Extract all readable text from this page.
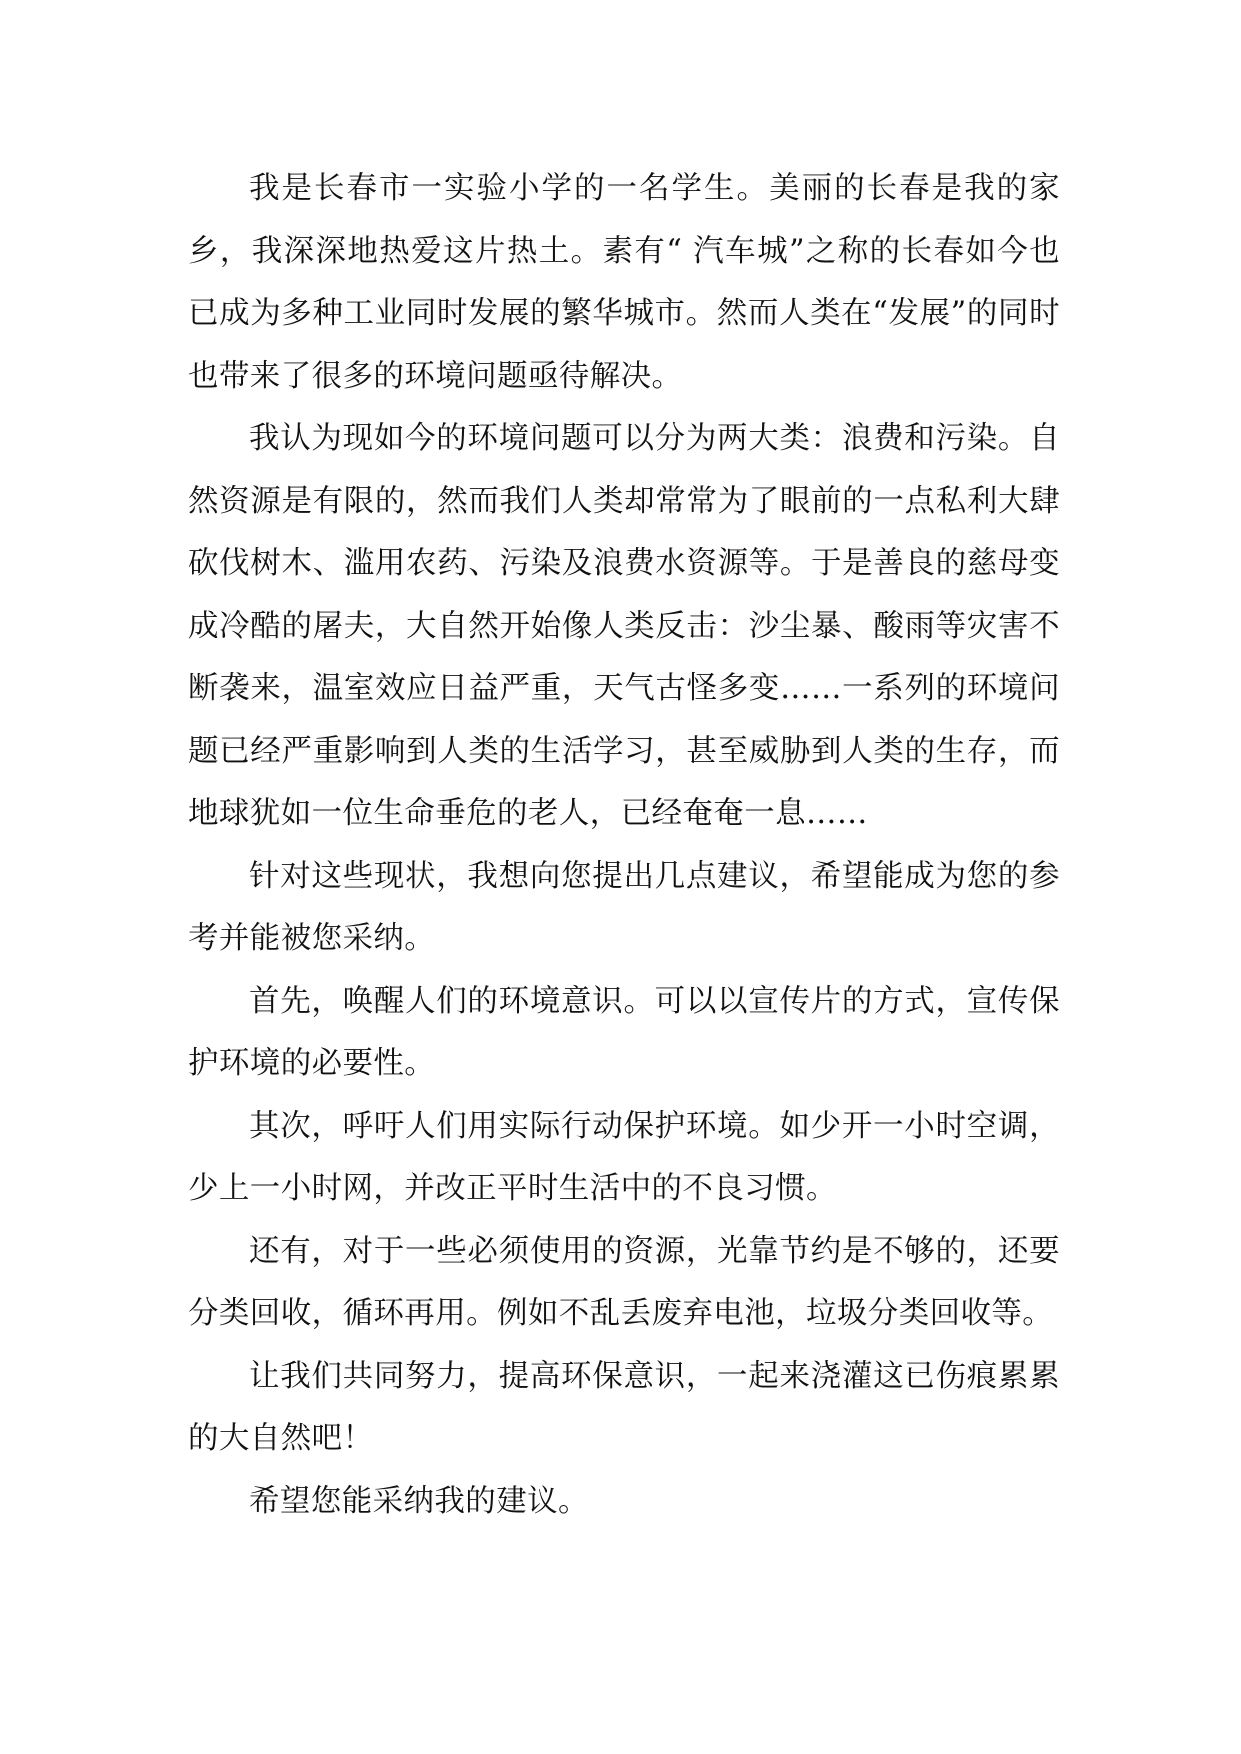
我是长春市一实验小学的一名学生。美丽的长春是我的家乡，我深深地热爱这片热土。素有“ 汽车城”之称的长春如今也已成为多种工业同时发展的繁华城市。然而人类在“发展”的同时也带来了很多的环境问题亟待解决。

我认为现如今的环境问题可以分为两大类：浪费和污染。自然资源是有限的，然而我们人类却常常为了眼前的一点私利大肆砍伐树木、滥用农药、污染及浪费水资源等。于是善良的慈母变成冷酷的屠夫，大自然开始像人类反击：沙尘暴、酸雨等灾害不断袭来，温室效应日益严重，天气古怪多变……一系列的环境问题已经严重影响到人类的生活学习，甚至威胁到人类的生存，而地球犹如一位生命垂危的老人，已经奄奄一息……

针对这些现状，我想向您提出几点建议，希望能成为您的参考并能被您采纳。

首先，唤醒人们的环境意识。可以以宣传片的方式，宣传保护环境的必要性。

其次，呼吁人们用实际行动保护环境。如少开一小时空调，少上一小时网，并改正平时生活中的不良习惯。

还有，对于一些必须使用的资源，光靠节约是不够的，还要分类回收，循环再用。例如不乱丢废弃电池，垃圾分类回收等。

让我们共同努力，提高环保意识，一起来浇灌这已伤痕累累的大自然吧！

希望您能采纳我的建议。
